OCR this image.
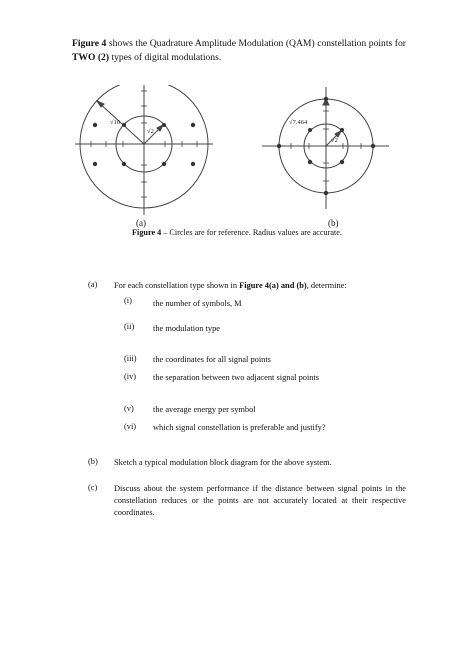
Figure 4 shows the Quadrature Amplitude Modulation (QAM) constellation points for TWO (2) types of digital modulations.

√10
√2
√7.464
√2
(a)	(b)
Figure 4 – Circles are for reference. Radius values are accurate.
(a) For each constellation type shown in Figure 4(a) and (b), determine:
(i)	the number of symbols, M
(ii) the modulation type
(iii) the coordinates for all signal points
(iv) the separation between two adjacent signal points
(v) the average energy per symbol
(vi) which signal constellation is preferable and justify?
(b) Sketch a typical modulation block diagram for the above system.
(c) Discuss about the system performance if the distance between signal points in the constellation reduces or the points are not accurately located at their respective coordinates.
